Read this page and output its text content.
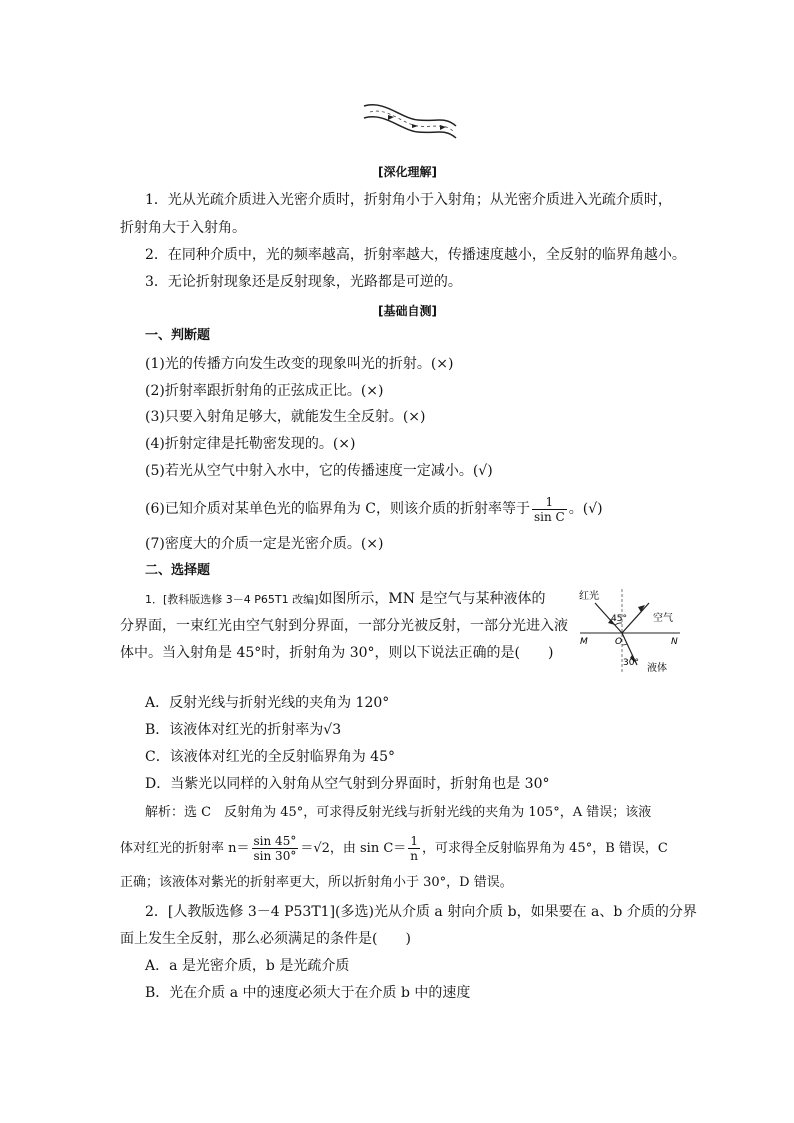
[深化理解]
1．光从光疏介质进入光密介质时，折射角小于入射角；从光密介质进入光疏介质时，
折射角大于入射角。
2．在同种介质中，光的频率越高，折射率越大，传播速度越小，全反射的临界角越小。
3．无论折射现象还是反射现象，光路都是可逆的。
[基础自测]
一、判断题
(1)光的传播方向发生改变的现象叫光的折射。(×)
(2)折射率跟折射角的正弦成正比。(×)
(3)只要入射角足够大，就能发生全反射。(×)
(4)折射定律是托勒密发现的。(×)
(5)若光从空气中射入水中，它的传播速度一定减小。(√)
(6)已知介质对某单色光的临界角为 C，则该介质的折射率等于 $\frac{1}{\text{sin C}}$ 。(√)
(7)密度大的介质一定是光密介质。(×)
二、选择题
1．[教科版选修 3－4 P65T1 改编]如图所示，MN 是空气与某种液体的
分界面，一束红光由空气射到分界面，一部分光被反射，一部分光进入液
体中。当入射角是 45°时，折射角为 30°，则以下说法正确的是(　　)
红光
45°	空气
M	O	N
30° 液体
A．反射光线与折射光线的夹角为 120°
B．该液体对红光的折射率为√3
C．该液体对红光的全反射临界角为 45°
D．当紫光以同样的入射角从空气射到分界面时，折射角也是 30°
解析：选 C　反射角为 45°，可求得反射光线与折射光线的夹角为 105°，A 错误；该液
体对红光的折射率 $n= \frac{\sin 45^\circ}{\sin 30^\circ} =√2$，由 $\sin C= \frac{1}{n}$ ，可求得全反射临界角为 45°，B 错误，C
正确；该液体对紫光的折射率更大，所以折射角小于 30°，D 错误。
2．[人教版选修 3－4 P53T1](多选)光从介质 a 射向介质 b，如果要在 a、b 介质的分界
面上发生全反射，那么必须满足的条件是(　　)
A．a 是光密介质，b 是光疏介质
B．光在介质 a 中的速度必须大于在介质 b 中的速度
